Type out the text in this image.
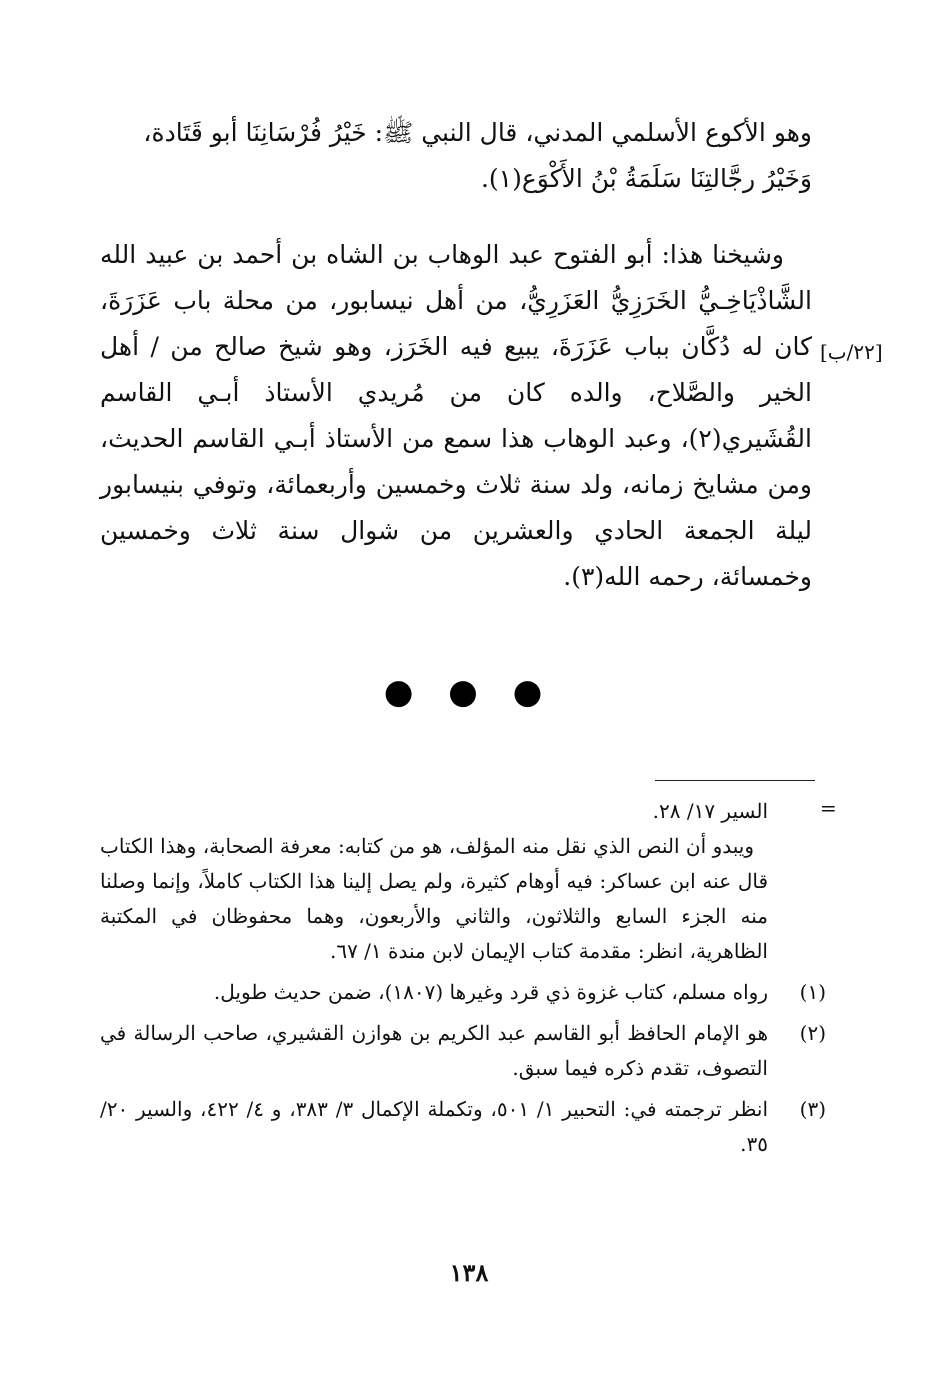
وهو الأكوع الأسلمي المدني، قال النبي ﷺ: خَيْرُ فُرْسَانِنَا أبو قَتَادة،
وَخَيْرُ رجَّالتِنَا سَلَمَةُ بْنُ الأَكْوَع(١).

وشيخنا هذا: أبو الفتوح عبد الوهاب بن الشاه بن أحمد بن عبيد الله الشَّاذْيَاخِـيُّ الخَرَزِيُّ العَزَرِيُّ، من أهل نيسابور، من محلة باب عَزَرَةَ، كان له دُكَّان بباب عَزَرَةَ، يبيع فيه الخَرَز، وهو شيخ صالح من / أهل الخير والصَّلاح، والده كان من مُريدي الأستاذ أبـي القاسم القُشَيري(٢)، وعبد الوهاب هذا سمع من الأستاذ أبـي القاسم الحديث، ومن مشايخ زمانه، ولد سنة ثلاث وخمسين وأربعمائة، وتوفي بنيسابور ليلة الجمعة الحادي والعشرين من شوال سنة ثلاث وخمسين وخمسائة، رحمه الله(٣).

[٢٢/ب]
● ● ●
=

السير ١٧/ ٢٨.

ويبدو أن النص الذي نقل منه المؤلف، هو من كتابه: معرفة الصحابة، وهذا الكتاب قال عنه ابن عساكر: فيه أوهام كثيرة، ولم يصل إلينا هذا الكتاب كاملاً، وإنما وصلنا منه الجزء السابع والثلاثون، والثاني والأربعون، وهما محفوظان في المكتبة الظاهرية، انظر: مقدمة كتاب الإيمان لابن مندة ١/ ٦٧.

(١)
رواه مسلم، كتاب غزوة ذي قرد وغيرها (١٨٠٧)، ضمن حديث طويل.
(٢)
هو الإمام الحافظ أبو القاسم عبد الكريم بن هوازن القشيري، صاحب الرسالة في التصوف، تقدم ذكره فيما سبق.
(٣)
انظر ترجمته في: التحبير ١/ ٥٠١، وتكملة الإكمال ٣/ ٣٨٣، و ٤/ ٤٢٢، والسير ٢٠/ ٣٥.
١٣٨
